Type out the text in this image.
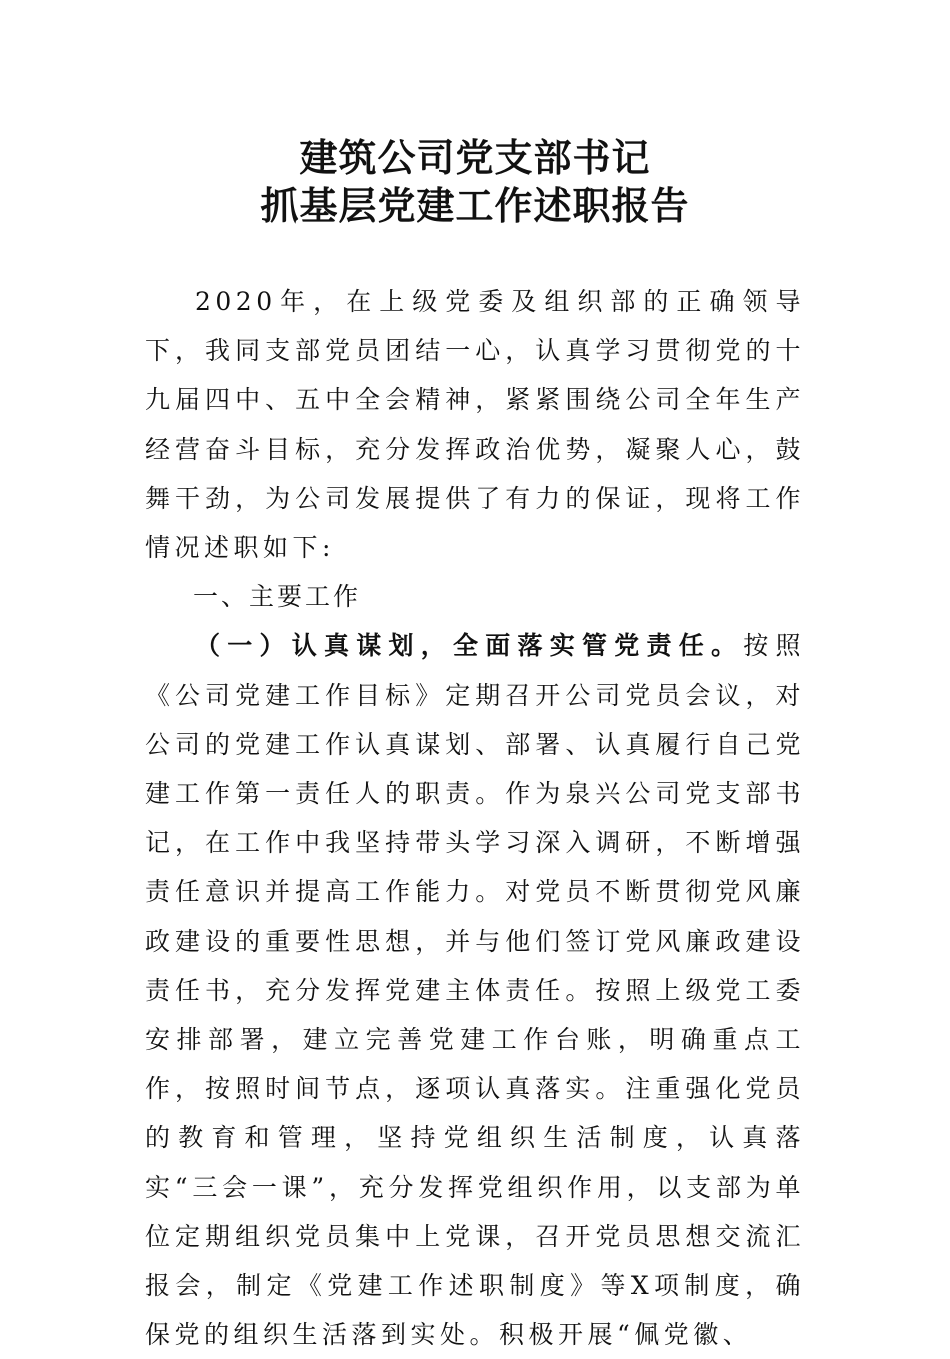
建筑公司党支部书记
抓基层党建工作述职报告

2020年，在上级党委及组织部的正确领导下，我同支部党员团结一心，认真学习贯彻党的十九届四中、五中全会精神，紧紧围绕公司全年生产经营奋斗目标，充分发挥政治优势，凝聚人心，鼓舞干劲，为公司发展提供了有力的保证，现将工作情况述职如下:

一、主要工作

（一）认真谋划，全面落实管党责任。按照《公司党建工作目标》定期召开公司党员会议，对公司的党建工作认真谋划、部署、认真履行自己党建工作第一责任人的职责。作为泉兴公司党支部书记，在工作中我坚持带头学习深入调研，不断增强责任意识并提高工作能力。对党员不断贯彻党风廉政建设的重要性思想，并与他们签订党风廉政建设责任书，充分发挥党建主体责任。按照上级党工委安排部署，建立完善党建工作台账，明确重点工作，按照时间节点，逐项认真落实。注重强化党员的教育和管理，坚持党组织生活制度，认真落实“三会一课”，充分发挥党组织作用，以支部为单位定期组织党员集中上党课，召开党员思想交流汇报会，制定《党建工作述职制度》等X项制度，确保党的组织生活落到实处。积极开展“佩党徽、
